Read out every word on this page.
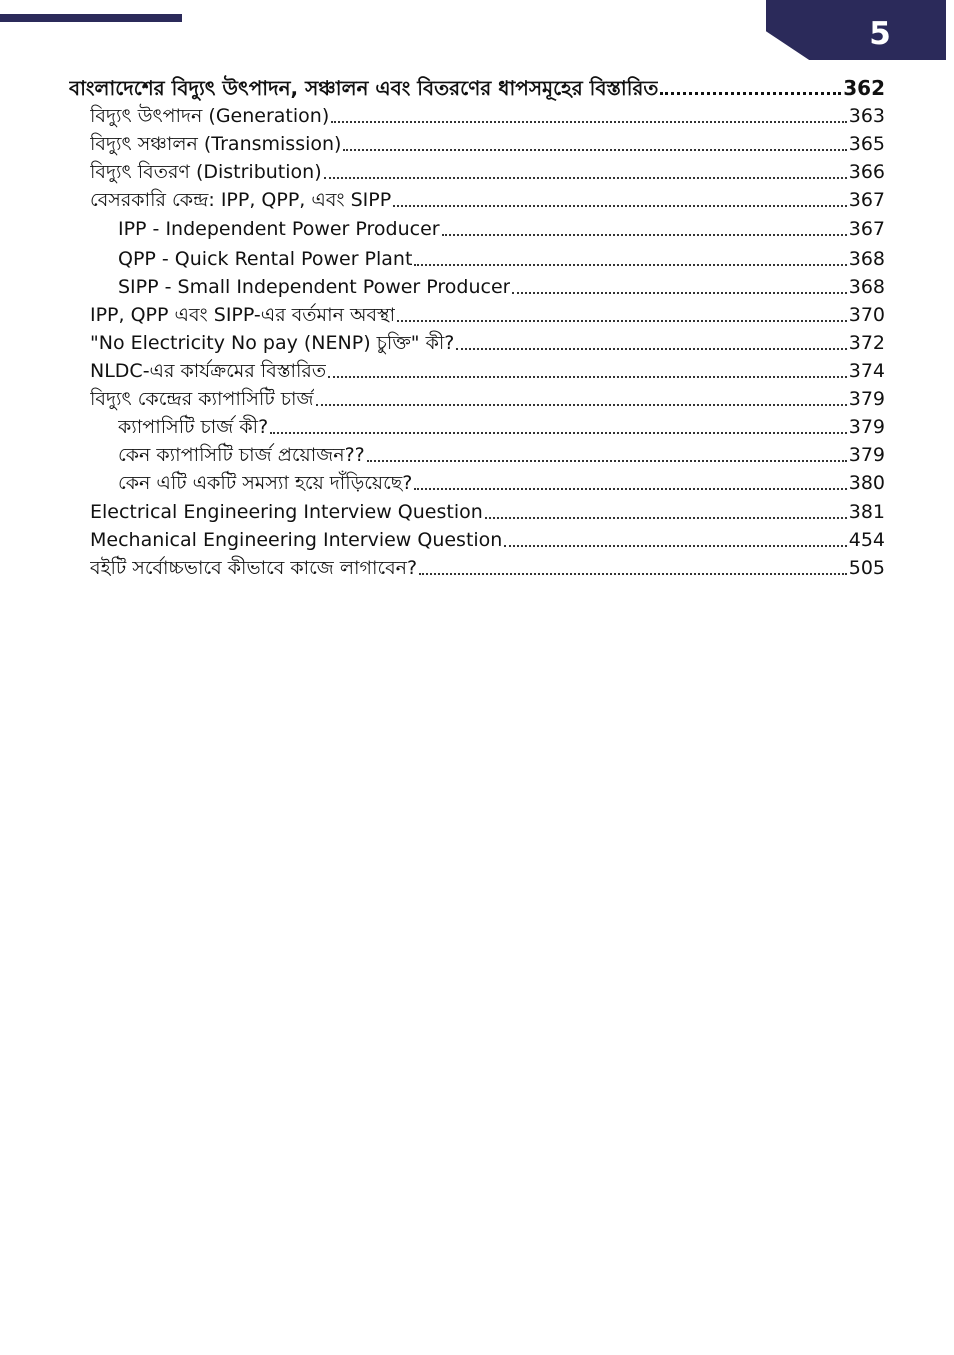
5
বাংলাদেশের বিদ্যুৎ উৎপাদন, সঞ্চালন এবং বিতরণের ধাপসমূহের বিস্তারিত	362
বিদ্যুৎ উৎপাদন (Generation)	363
বিদ্যুৎ সঞ্চালন (Transmission)	365
বিদ্যুৎ বিতরণ (Distribution)	366
বেসরকারি কেন্দ্র: IPP, QPP, এবং SIPP	367
IPP - Independent Power Producer	367
QPP - Quick Rental Power Plant	368
SIPP - Small Independent Power Producer	368
IPP, QPP এবং SIPP-এর বর্তমান অবস্থা	370
"No Electricity No pay (NENP) চুক্তি" কী?	372
NLDC-এর কার্যক্রমের বিস্তারিত	374
বিদ্যুৎ কেন্দ্রের ক্যাপাসিটি চার্জ	379
ক্যাপাসিটি চার্জ কী?	379
কেন ক্যাপাসিটি চার্জ প্রয়োজন??	379
কেন এটি একটি সমস্যা হয়ে দাঁড়িয়েছে?	380
Electrical Engineering Interview Question	381
Mechanical Engineering Interview Question	454
বইটি সর্বোচ্চভাবে কীভাবে কাজে লাগাবেন?	505
